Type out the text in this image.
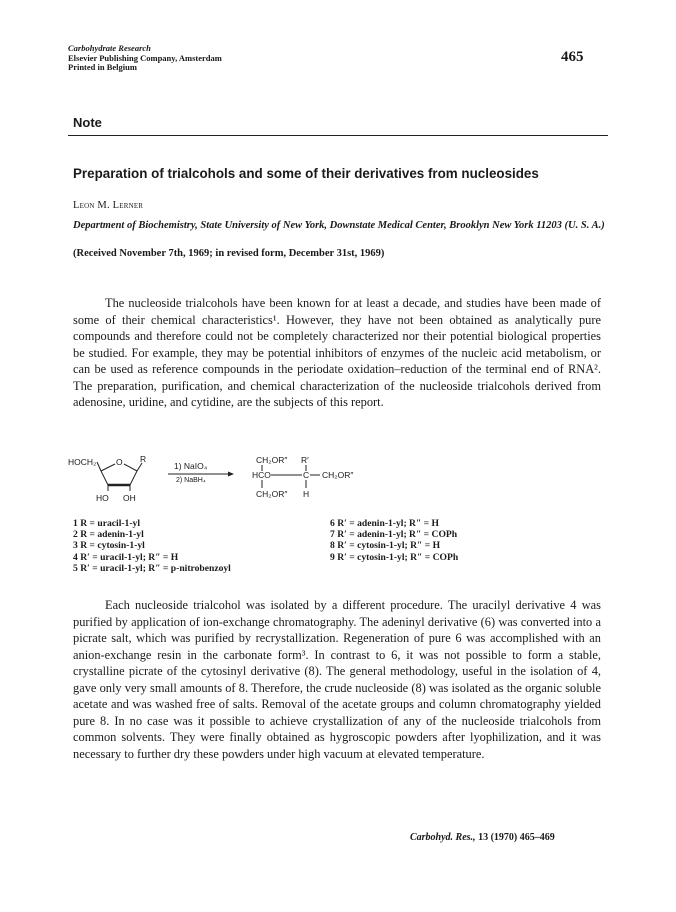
Carbohydrate Research
Elsevier Publishing Company, Amsterdam
Printed in Belgium
465
Note
Preparation of trialcohols and some of their derivatives from nucleosides
Leon M. Lerner
Department of Biochemistry, State University of New York, Downstate Medical Center, Brooklyn New York 11203 (U. S. A.)
(Received November 7th, 1969; in revised form, December 31st, 1969)

The nucleoside trialcohols have been known for at least a decade, and studies have been made of some of their chemical characteristics¹. However, they have not been obtained as analytically pure compounds and therefore could not be completely characterized nor their potential biological properties be studied. For example, they may be potential inhibitors of enzymes of the nucleic acid metabolism, or can be used as reference compounds in the periodate oxidation–reduction of the terminal end of RNA². The preparation, purification, and chemical characterization of the nucleoside trialcohols derived from adenosine, uridine, and cytidine, are the subjects of this report.

HOCH₂ O R
HO OH
1) NaIO₄
2) NaBH₄
CH₂OR″ R′
HCO	C CH₂OR″
CH₂OR″ H
1 R = uracil-1-yl
2 R = adenin-1-yl
3 R = cytosin-1-yl
4 R′ = uracil-1-yl; R″ = H
5 R′ = uracil-1-yl; R″ = p-nitrobenzoyl
6 R′ = adenin-1-yl; R″ = H
7 R′ = adenin-1-yl; R″ = COPh
8 R′ = cytosin-1-yl; R″ = H
9 R′ = cytosin-1-yl; R″ = COPh

Each nucleoside trialcohol was isolated by a different procedure. The uracilyl derivative 4 was purified by application of ion-exchange chromatography. The adeninyl derivative (6) was converted into a picrate salt, which was purified by recrystallization. Regeneration of pure 6 was accomplished with an anion-exchange resin in the carbonate form³. In contrast to 6, it was not possible to form a stable, crystalline picrate of the cytosinyl derivative (8). The general methodology, useful in the isolation of 4, gave only very small amounts of 8. Therefore, the crude nucleoside (8) was isolated as the organic soluble acetate and was washed free of salts. Removal of the acetate groups and column chromatography yielded pure 8. In no case was it possible to achieve crystallization of any of the nucleoside trialcohols from common solvents. They were finally obtained as hygroscopic powders after lyophilization, and it was necessary to further dry these powders under high vacuum at elevated temperature.

Carbohyd. Res., 13 (1970) 465–469
